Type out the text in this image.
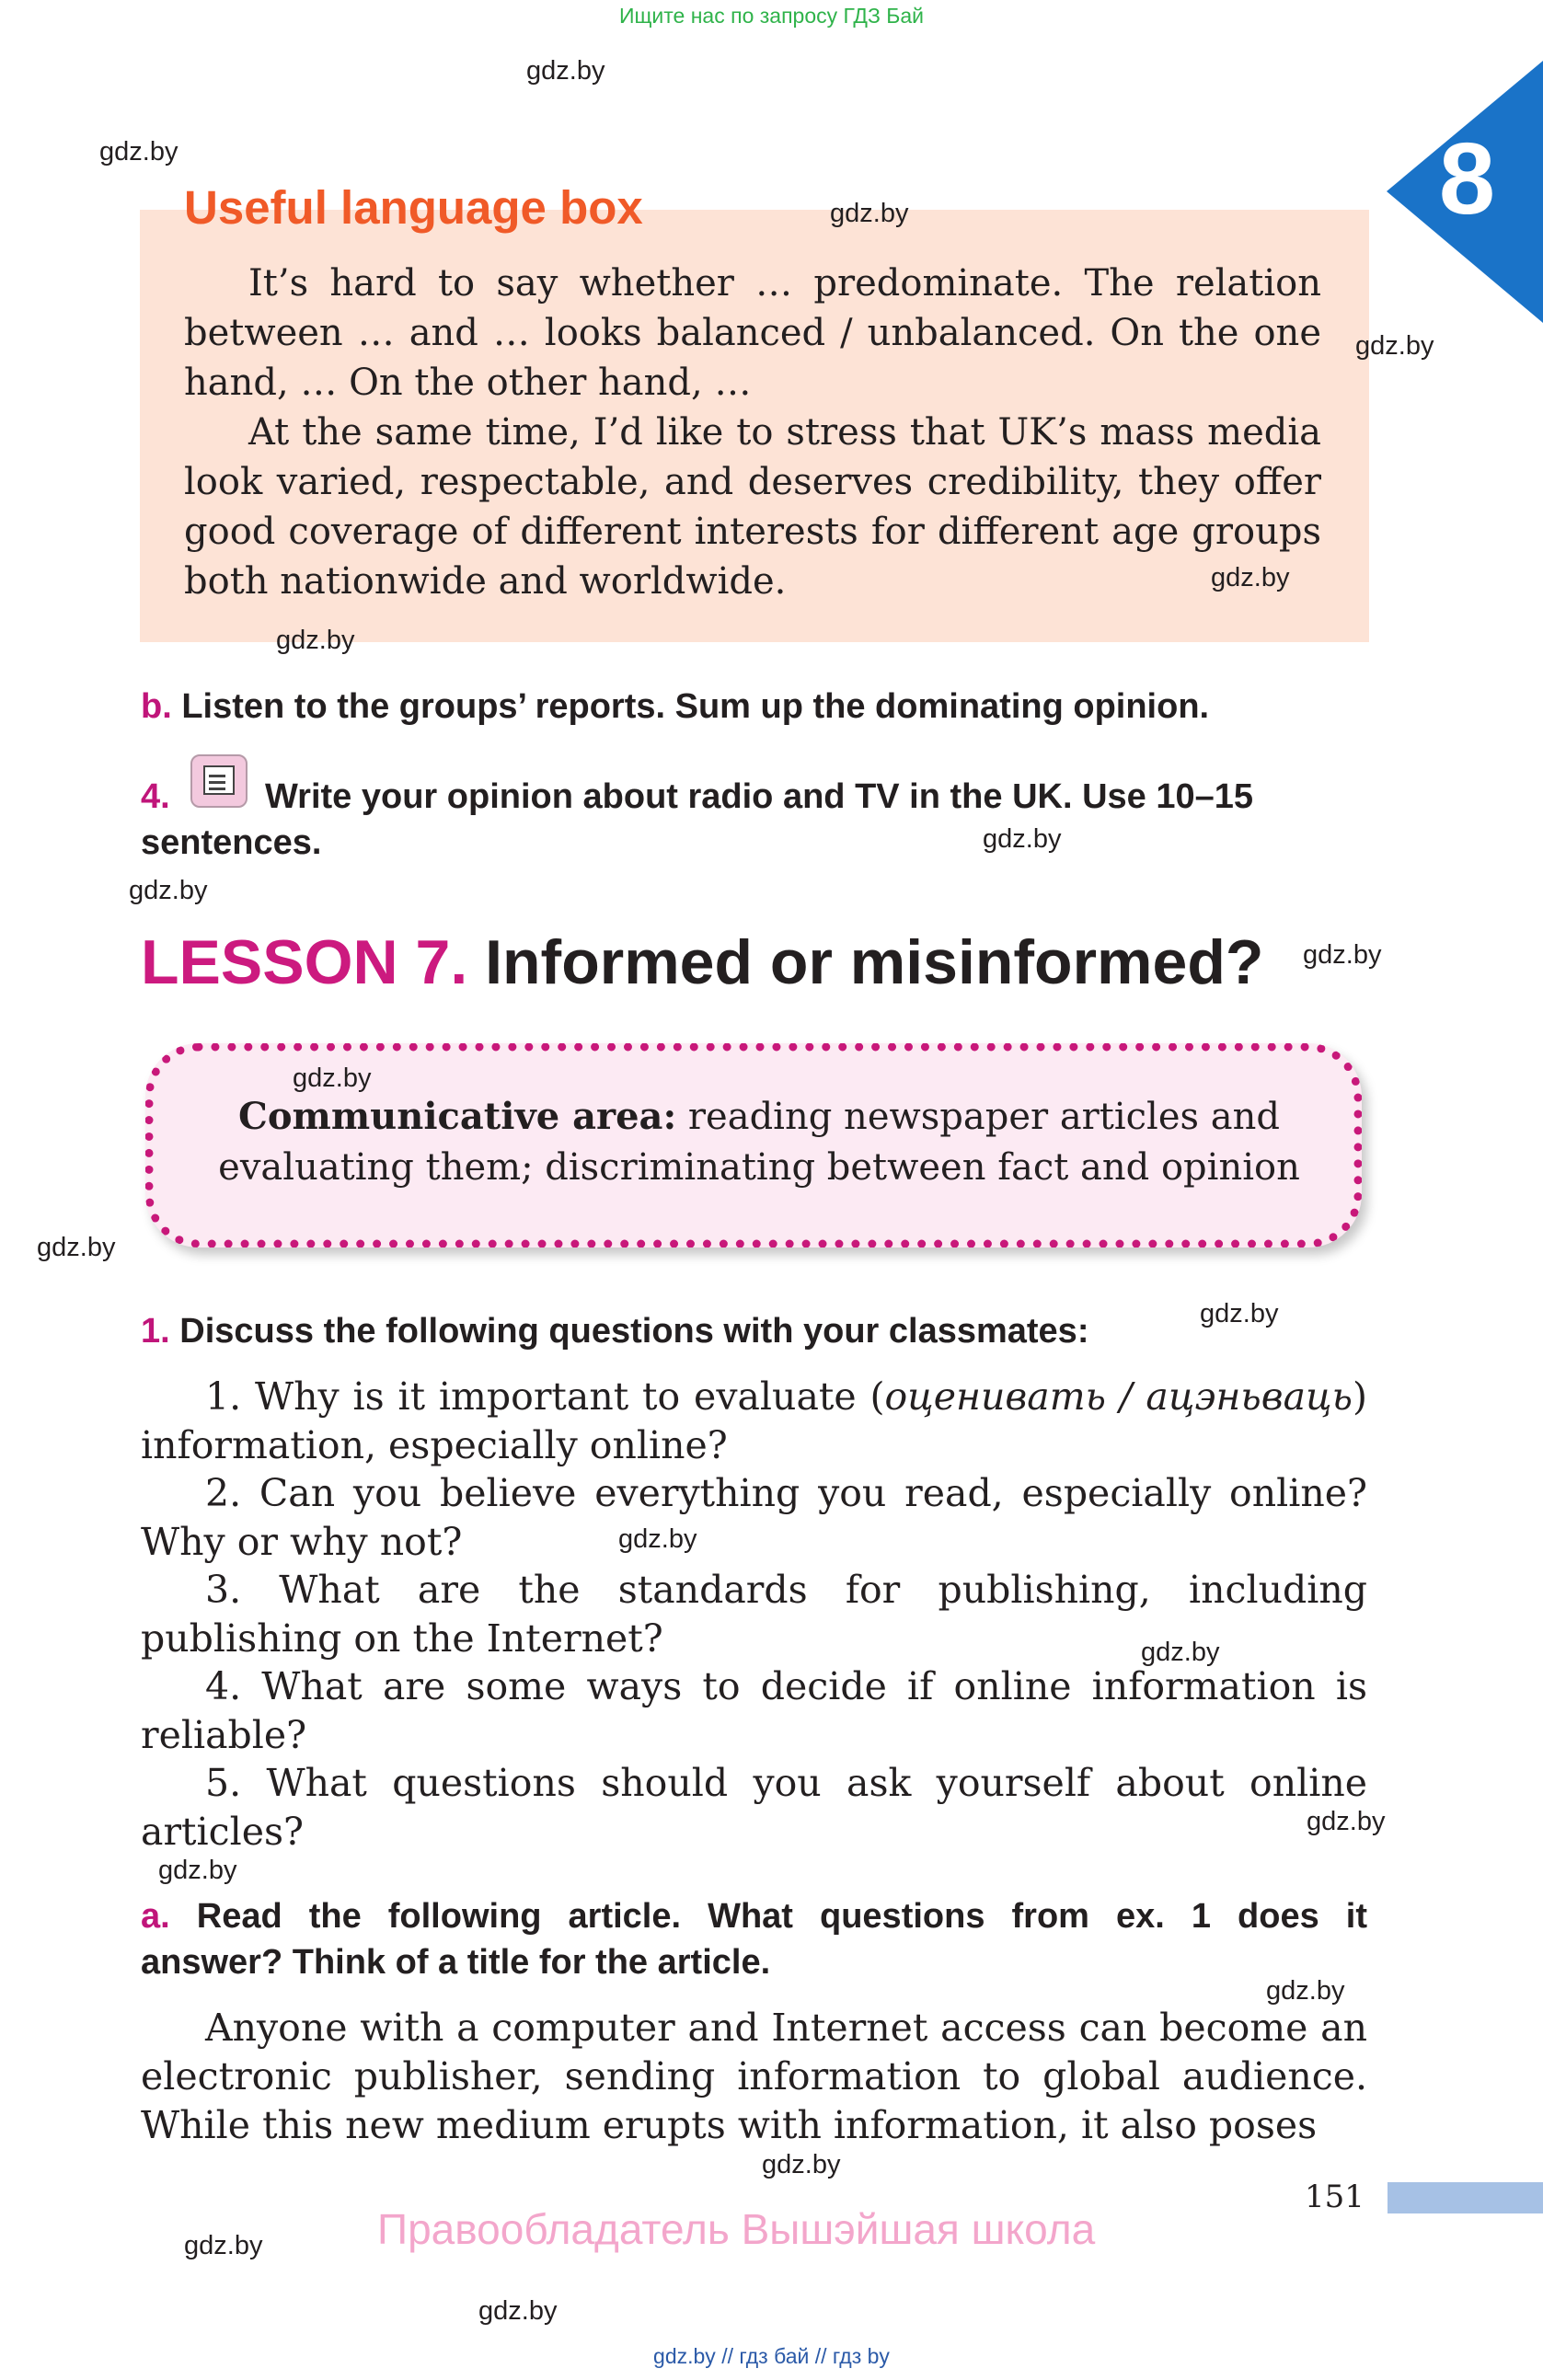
Ищите нас по запросу ГДЗ Бай
8
Useful language box

It’s hard to say whether … predominate. The relation between … and … looks balanced / unbalanced. On the one hand, … On the other hand, …

At the same time, I’d like to stress that UK’s mass media look varied, respectable, and deserves credibility, they offer good coverage of different interests for different age groups both nationwide and worldwide.

b. Listen to the groups’ reports. Sum up the dominating opinion.
4.	Write your opinion about radio and TV in the UK. Use 10–15
sentences.
LESSON 7. Informed or misinformed?
Communicative area: reading newspaper articles and evaluating them; discriminating between fact and opinion
1. Discuss the following questions with your classmates:

1. Why is it important to evaluate (оценивать / ацэньваць) information, especially online?

2. Can you believe everything you read, especially online? Why or why not?

3. What are the standards for publishing, including publishing on the Internet?

4. What are some ways to decide if online information is reliable?

5. What questions should you ask yourself about online articles?

a. Read the following article. What questions from ex. 1 does it
answer? Think of a title for the article.

Anyone with a computer and Internet access can become an electronic publisher, sending information to global audience. While this new medium erupts with information, it also poses

151
Правообладатель Вышэйшая школа
gdz.by // гдз бай // гдз by
gdz.by
gdz.by
gdz.by
gdz.by
gdz.by
gdz.by
gdz.by
gdz.by
gdz.by
gdz.by
gdz.by
gdz.by
gdz.by
gdz.by
gdz.by
gdz.by
gdz.by
gdz.by
gdz.by
gdz.by
